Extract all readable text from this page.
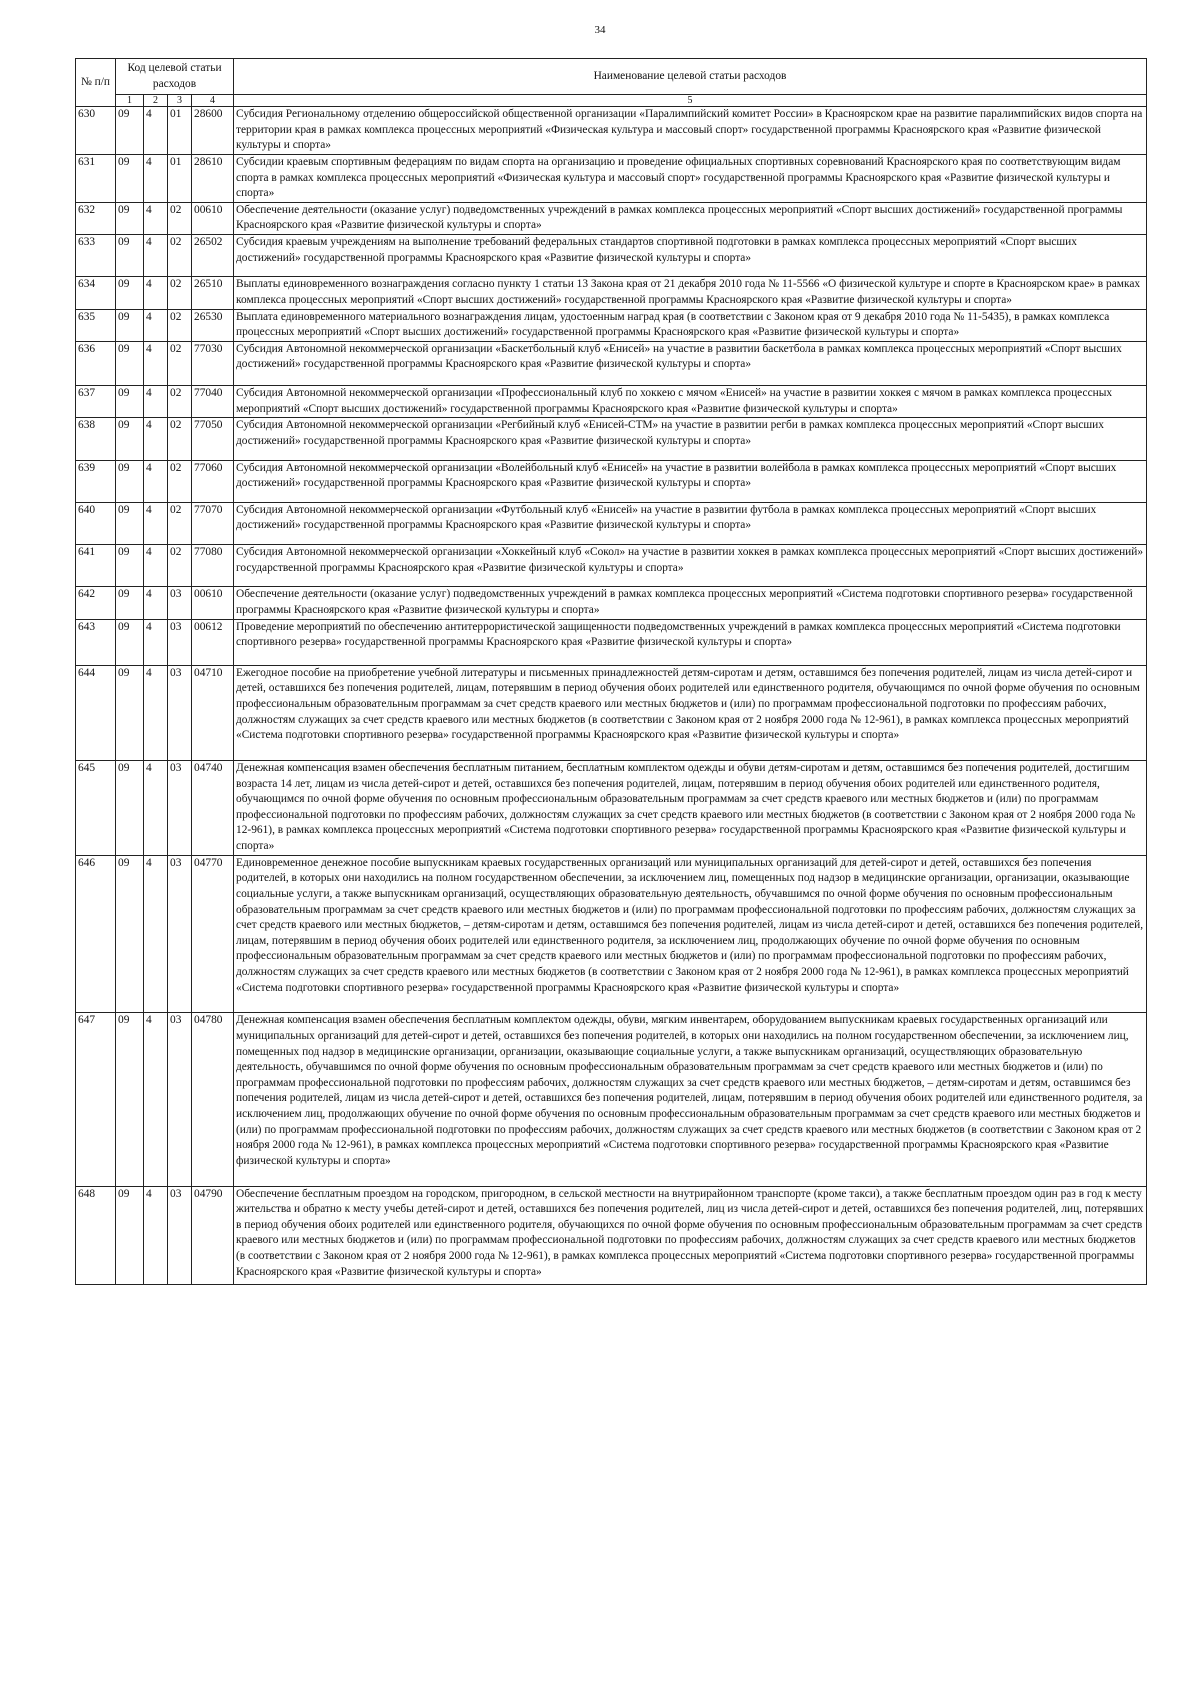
34
№ п/п	Код целевой статьи расходов				Наименование целевой статьи расходов
	1	2	3	4	5
630	09	4	01	28600	Субсидия Региональному отделению общероссийской общественной организации «Паралимпийский комитет России» в Красноярском крае на развитие паралимпийских видов спорта на территории края в рамках комплекса процессных мероприятий «Физическая культура и массовый спорт» государственной программы Красноярского края «Развитие физической культуры и спорта»
631	09	4	01	28610	Субсидии краевым спортивным федерациям по видам спорта на организацию и проведение официальных спортивных соревнований Красноярского края по соответствующим видам спорта в рамках комплекса процессных мероприятий «Физическая культура и массовый спорт» государственной программы Красноярского края «Развитие физической культуры и спорта»
632	09	4	02	00610	Обеспечение деятельности (оказание услуг) подведомственных учреждений в рамках комплекса процессных мероприятий «Спорт высших достижений» государственной программы Красноярского края «Развитие физической культуры и спорта»
633	09	4	02	26502	Субсидия краевым учреждениям на выполнение требований федеральных стандартов спортивной подготовки в рамках комплекса процессных мероприятий «Спорт высших достижений» государственной программы Красноярского края «Развитие физической культуры и спорта»
634	09	4	02	26510	Выплаты единовременного вознаграждения согласно пункту 1 статьи 13 Закона края от 21 декабря 2010 года № 11-5566 «О физической культуре и спорте в Красноярском крае» в рамках комплекса процессных мероприятий «Спорт высших достижений» государственной программы Красноярского края «Развитие физической культуры и спорта»
635	09	4	02	26530	Выплата единовременного материального вознаграждения лицам, удостоенным наград края (в соответствии с Законом края от 9 декабря 2010 года № 11-5435), в рамках комплекса процессных мероприятий «Спорт высших достижений» государственной программы Красноярского края «Развитие физической культуры и спорта»
636	09	4	02	77030	Субсидия Автономной некоммерческой организации «Баскетбольный клуб «Енисей» на участие в развитии баскетбола в рамках комплекса процессных мероприятий «Спорт высших достижений» государственной программы Красноярского края «Развитие физической культуры и спорта»
637	09	4	02	77040	Субсидия Автономной некоммерческой организации «Профессиональный клуб по хоккею с мячом «Енисей» на участие в развитии хоккея с мячом в рамках комплекса процессных мероприятий «Спорт высших достижений» государственной программы Красноярского края «Развитие физической культуры и спорта»
638	09	4	02	77050	Субсидия Автономной некоммерческой организации «Регбийный клуб «Енисей-СТМ» на участие в развитии регби в рамках комплекса процессных мероприятий «Спорт высших достижений» государственной программы Красноярского края «Развитие физической культуры и спорта»
639	09	4	02	77060	Субсидия Автономной некоммерческой организации «Волейбольный клуб «Енисей» на участие в развитии волейбола в рамках комплекса процессных мероприятий «Спорт высших достижений» государственной программы Красноярского края «Развитие физической культуры и спорта»
640	09	4	02	77070	Субсидия Автономной некоммерческой организации «Футбольный клуб «Енисей» на участие в развитии футбола в рамках комплекса процессных мероприятий «Спорт высших достижений» государственной программы Красноярского края «Развитие физической культуры и спорта»
641	09	4	02	77080	Субсидия Автономной некоммерческой организации «Хоккейный клуб «Сокол» на участие в развитии хоккея в рамках комплекса процессных мероприятий «Спорт высших достижений» государственной программы Красноярского края «Развитие физической культуры и спорта»
642	09	4	03	00610	Обеспечение деятельности (оказание услуг) подведомственных учреждений в рамках комплекса процессных мероприятий «Система подготовки спортивного резерва» государственной программы Красноярского края «Развитие физической культуры и спорта»
643	09	4	03	00612	Проведение мероприятий по обеспечению антитеррористической защищенности подведомственных учреждений в рамках комплекса процессных мероприятий «Система подготовки спортивного резерва» государственной программы Красноярского края «Развитие физической культуры и спорта»
644	09	4	03	04710	Ежегодное пособие на приобретение учебной литературы и письменных принадлежностей детям-сиротам и детям, оставшимся без попечения родителей, лицам из числа детей-сирот и детей, оставшихся без попечения родителей, лицам, потерявшим в период обучения обоих родителей или единственного родителя, обучающимся по очной форме обучения по основным профессиональным образовательным программам за счет средств краевого или местных бюджетов и (или) по программам профессиональной подготовки по профессиям рабочих, должностям служащих за счет средств краевого или местных бюджетов (в соответствии с Законом края от 2 ноября 2000 года № 12-961), в рамках комплекса процессных мероприятий «Система подготовки спортивного резерва» государственной программы Красноярского края «Развитие физической культуры и спорта»
645	09	4	03	04740	Денежная компенсация взамен обеспечения бесплатным питанием, бесплатным комплектом одежды и обуви детям-сиротам и детям, оставшимся без попечения родителей, достигшим возраста 14 лет, лицам из числа детей-сирот и детей, оставшихся без попечения родителей, лицам, потерявшим в период обучения обоих родителей или единственного родителя, обучающимся по очной форме обучения по основным профессиональным образовательным программам за счет средств краевого или местных бюджетов и (или) по программам профессиональной подготовки по профессиям рабочих, должностям служащих за счет средств краевого или местных бюджетов (в соответствии с Законом края от 2 ноября 2000 года № 12-961), в рамках комплекса процессных мероприятий «Система подготовки спортивного резерва» государственной программы Красноярского края «Развитие физической культуры и спорта»
646	09	4	03	04770	Единовременное денежное пособие выпускникам краевых государственных организаций или муниципальных организаций для детей-сирот и детей, оставшихся без попечения родителей, в которых они находились на полном государственном обеспечении, за исключением лиц, помещенных под надзор в медицинские организации, организации, оказывающие социальные услуги, а также выпускникам организаций, осуществляющих образовательную деятельность, обучавшимся по очной форме обучения по основным профессиональным образовательным программам за счет средств краевого или местных бюджетов и (или) по программам профессиональной подготовки по профессиям рабочих, должностям служащих за счет средств краевого или местных бюджетов, – детям-сиротам и детям, оставшимся без попечения родителей, лицам из числа детей-сирот и детей, оставшихся без попечения родителей, лицам, потерявшим в период обучения обоих родителей или единственного родителя, за исключением лиц, продолжающих обучение по очной форме обучения по основным профессиональным образовательным программам за счет средств краевого или местных бюджетов и (или) по программам профессиональной подготовки по профессиям рабочих, должностям служащих за счет средств краевого или местных бюджетов (в соответствии с Законом края от 2 ноября 2000 года № 12-961), в рамках комплекса процессных мероприятий «Система подготовки спортивного резерва» государственной программы Красноярского края «Развитие физической культуры и спорта»
647	09	4	03	04780	Денежная компенсация взамен обеспечения бесплатным комплектом одежды, обуви, мягким инвентарем, оборудованием выпускникам краевых государственных организаций или муниципальных организаций для детей-сирот и детей, оставшихся без попечения родителей, в которых они находились на полном государственном обеспечении, за исключением лиц, помещенных под надзор в медицинские организации, организации, оказывающие социальные услуги, а также выпускникам организаций, осуществляющих образовательную деятельность, обучавшимся по очной форме обучения по основным профессиональным образовательным программам за счет средств краевого или местных бюджетов и (или) по программам профессиональной подготовки по профессиям рабочих, должностям служащих за счет средств краевого или местных бюджетов, – детям-сиротам и детям, оставшимся без попечения родителей, лицам из числа детей-сирот и детей, оставшихся без попечения родителей, лицам, потерявшим в период обучения обоих родителей или единственного родителя, за исключением лиц, продолжающих обучение по очной форме обучения по основным профессиональным образовательным программам за счет средств краевого или местных бюджетов и (или) по программам профессиональной подготовки по профессиям рабочих, должностям служащих за счет средств краевого или местных бюджетов (в соответствии с Законом края от 2 ноября 2000 года № 12-961), в рамках комплекса процессных мероприятий «Система подготовки спортивного резерва» государственной программы Красноярского края «Развитие физической культуры и спорта»
648	09	4	03	04790	Обеспечение бесплатным проездом на городском, пригородном, в сельской местности на внутрирайонном транспорте (кроме такси), а также бесплатным проездом один раз в год к месту жительства и обратно к месту учебы детей-сирот и детей, оставшихся без попечения родителей, лиц из числа детей-сирот и детей, оставшихся без попечения родителей, лиц, потерявших в период обучения обоих родителей или единственного родителя, обучающихся по очной форме обучения по основным профессиональным образовательным программам за счет средств краевого или местных бюджетов и (или) по программам профессиональной подготовки по профессиям рабочих, должностям служащих за счет средств краевого или местных бюджетов (в соответствии с Законом края от 2 ноября 2000 года № 12-961), в рамках комплекса процессных мероприятий «Система подготовки спортивного резерва» государственной программы Красноярского края «Развитие физической культуры и спорта»
